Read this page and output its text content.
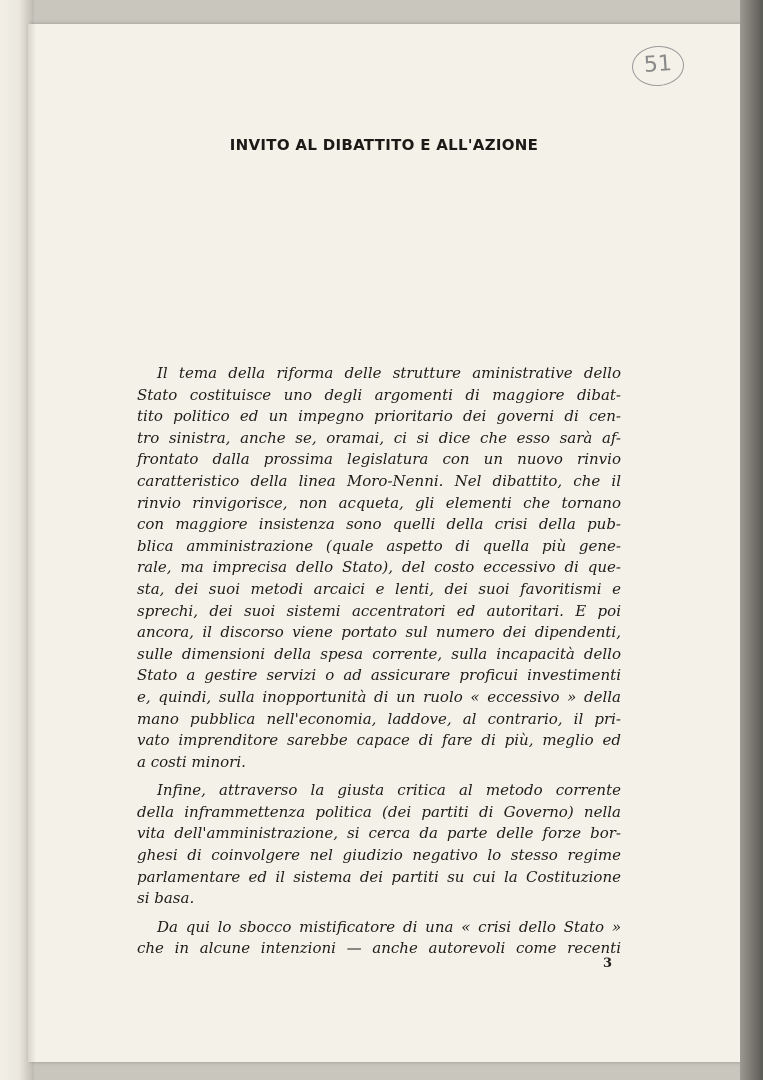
51
INVITO AL DIBATTITO E ALL'AZIONE

Il tema della riforma delle strutture aministrative dello
Stato costituisce uno degli argomenti di maggiore dibat-
tito politico ed un impegno prioritario dei governi di cen-
tro sinistra, anche se, oramai, ci si dice che esso sarà af-
frontato dalla prossima legislatura con un nuovo rinvio
caratteristico della linea Moro-Nenni. Nel dibattito, che il
rinvio rinvigorisce, non acqueta, gli elementi che tornano
con maggiore insistenza sono quelli della crisi della pub-
blica amministrazione (quale aspetto di quella più gene-
rale, ma imprecisa dello Stato), del costo eccessivo di que-
sta, dei suoi metodi arcaici e lenti, dei suoi favoritismi e
sprechi, dei suoi sistemi accentratori ed autoritari. E poi
ancora, il discorso viene portato sul numero dei dipendenti,
sulle dimensioni della spesa corrente, sulla incapacità dello
Stato a gestire servizi o ad assicurare proficui investimenti
e, quindi, sulla inopportunità di un ruolo « eccessivo » della
mano pubblica nell'economia, laddove, al contrario, il pri-
vato imprenditore sarebbe capace di fare di più, meglio ed
a costi minori.

Infine, attraverso la giusta critica al metodo corrente
della inframmettenza politica (dei partiti di Governo) nella
vita dell'amministrazione, si cerca da parte delle forze bor-
ghesi di coinvolgere nel giudizio negativo lo stesso regime
parlamentare ed il sistema dei partiti su cui la Costituzione
si basa.

Da qui lo sbocco mistificatore di una « crisi dello Stato »
che in alcune intenzioni — anche autorevoli come recenti

3
